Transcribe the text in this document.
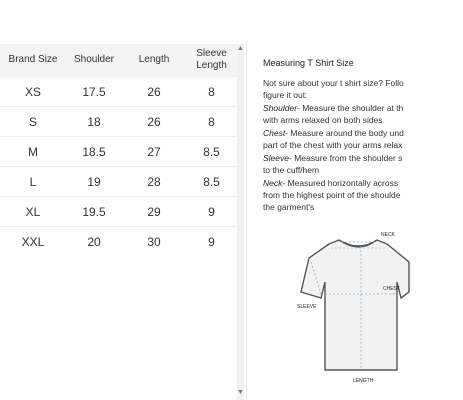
Brand Size	Shoulder	Length	Sleeve Length
XS	17.5	26	8
S	18	26	8
M	18.5	27	8.5
L	19	28	8.5
XL	19.5	29	9
XXL	20	30	9
▲
▼
Measuring T Shirt Size
Not sure about your t shirt size? Follo
figure it out:
Shoulder- Measure the shoulder at th
with arms relaxed on both sides
Chest- Measure around the body und
part of the chest with your arms relax
Sleeve- Measure from the shoulder s
to the cuff/hem
Neck- Measured horizontally across
from the highest point of the shoulde
the garment's
NECK
CHEST
SLEEVE
LENGTH
